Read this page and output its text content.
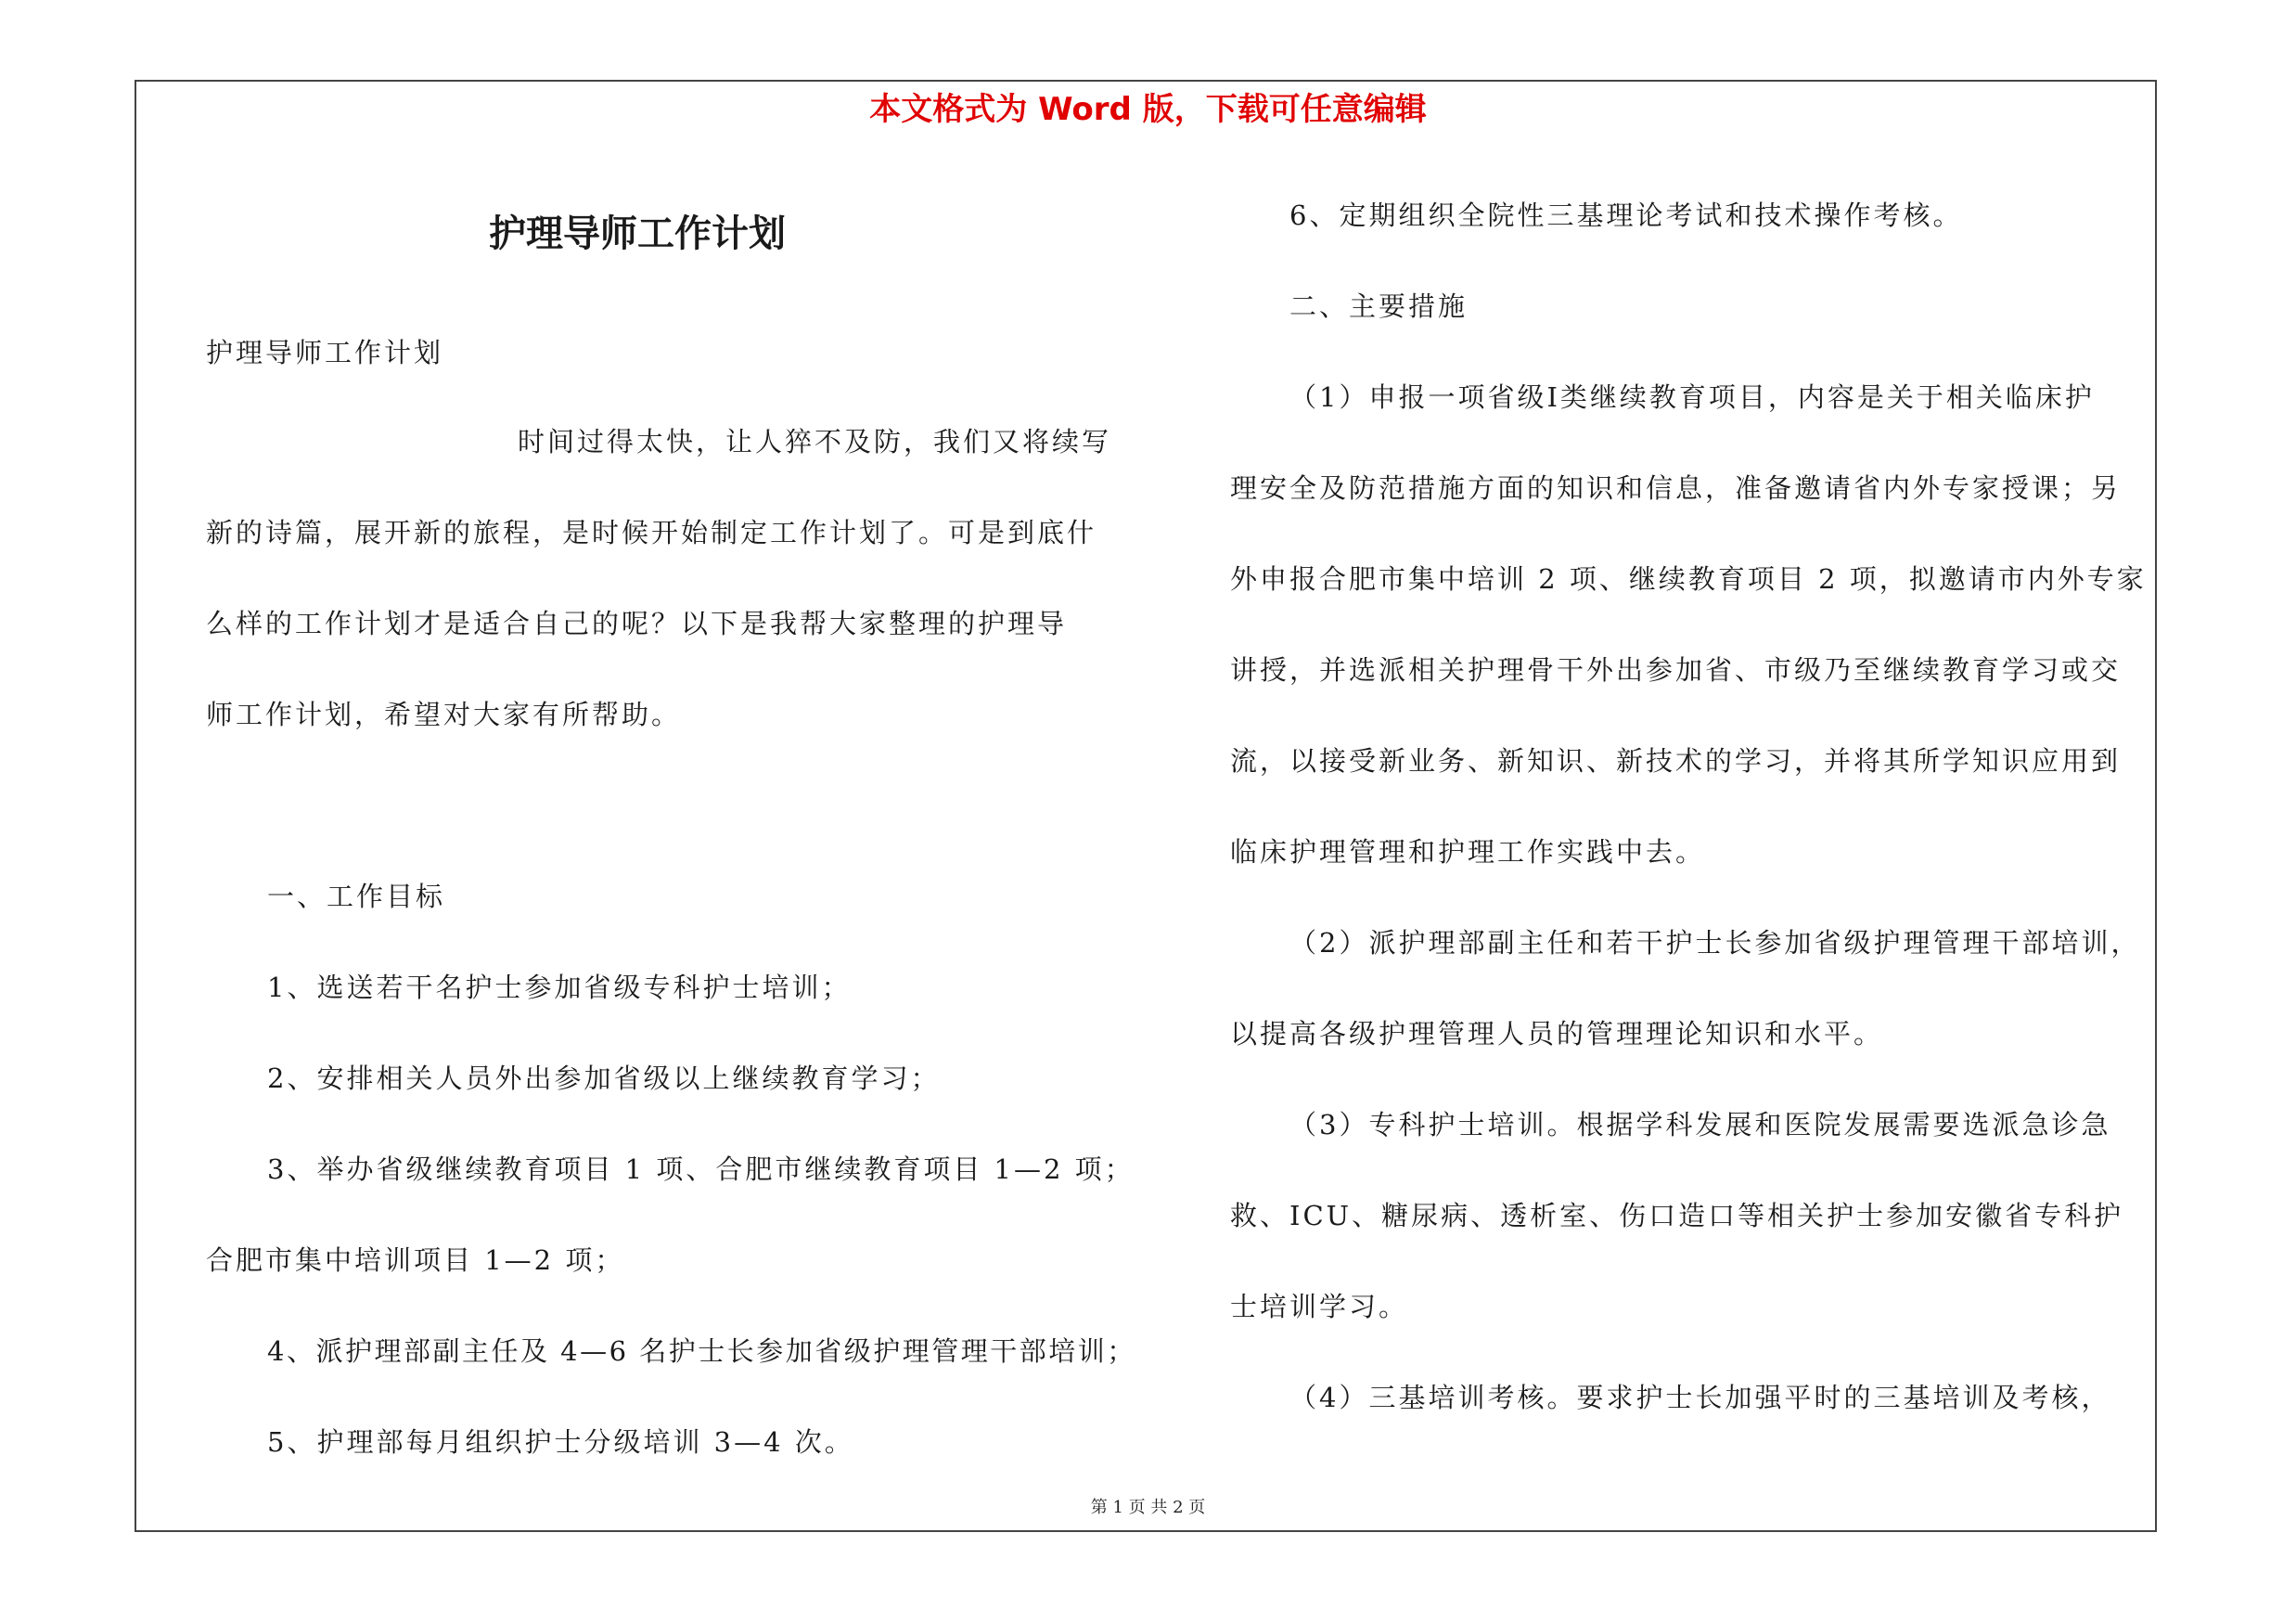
本文格式为 Word 版，下载可任意编辑
护理导师工作计划
护理导师工作计划
时间过得太快，让人猝不及防，我们又将续写
新的诗篇，展开新的旅程，是时候开始制定工作计划了。可是到底什
么样的工作计划才是适合自己的呢？以下是我帮大家整理的护理导
师工作计划，希望对大家有所帮助。
一、工作目标
1、选送若干名护士参加省级专科护士培训；
2、安排相关人员外出参加省级以上继续教育学习；
3、举办省级继续教育项目 1 项、合肥市继续教育项目 1—2 项；
合肥市集中培训项目 1—2 项；
4、派护理部副主任及 4—6 名护士长参加省级护理管理干部培训；
5、护理部每月组织护士分级培训 3—4 次。
6、定期组织全院性三基理论考试和技术操作考核。
二、主要措施
（1）申报一项省级Ⅰ类继续教育项目，内容是关于相关临床护
理安全及防范措施方面的知识和信息，准备邀请省内外专家授课；另
外申报合肥市集中培训 2 项、继续教育项目 2 项，拟邀请市内外专家
讲授，并选派相关护理骨干外出参加省、市级乃至继续教育学习或交
流，以接受新业务、新知识、新技术的学习，并将其所学知识应用到
临床护理管理和护理工作实践中去。
（2）派护理部副主任和若干护士长参加省级护理管理干部培训，
以提高各级护理管理人员的管理理论知识和水平。
（3）专科护士培训。根据学科发展和医院发展需要选派急诊急
救、ICU、糖尿病、透析室、伤口造口等相关护士参加安徽省专科护
士培训学习。
（4）三基培训考核。要求护士长加强平时的三基培训及考核，
第 1 页 共 2 页
